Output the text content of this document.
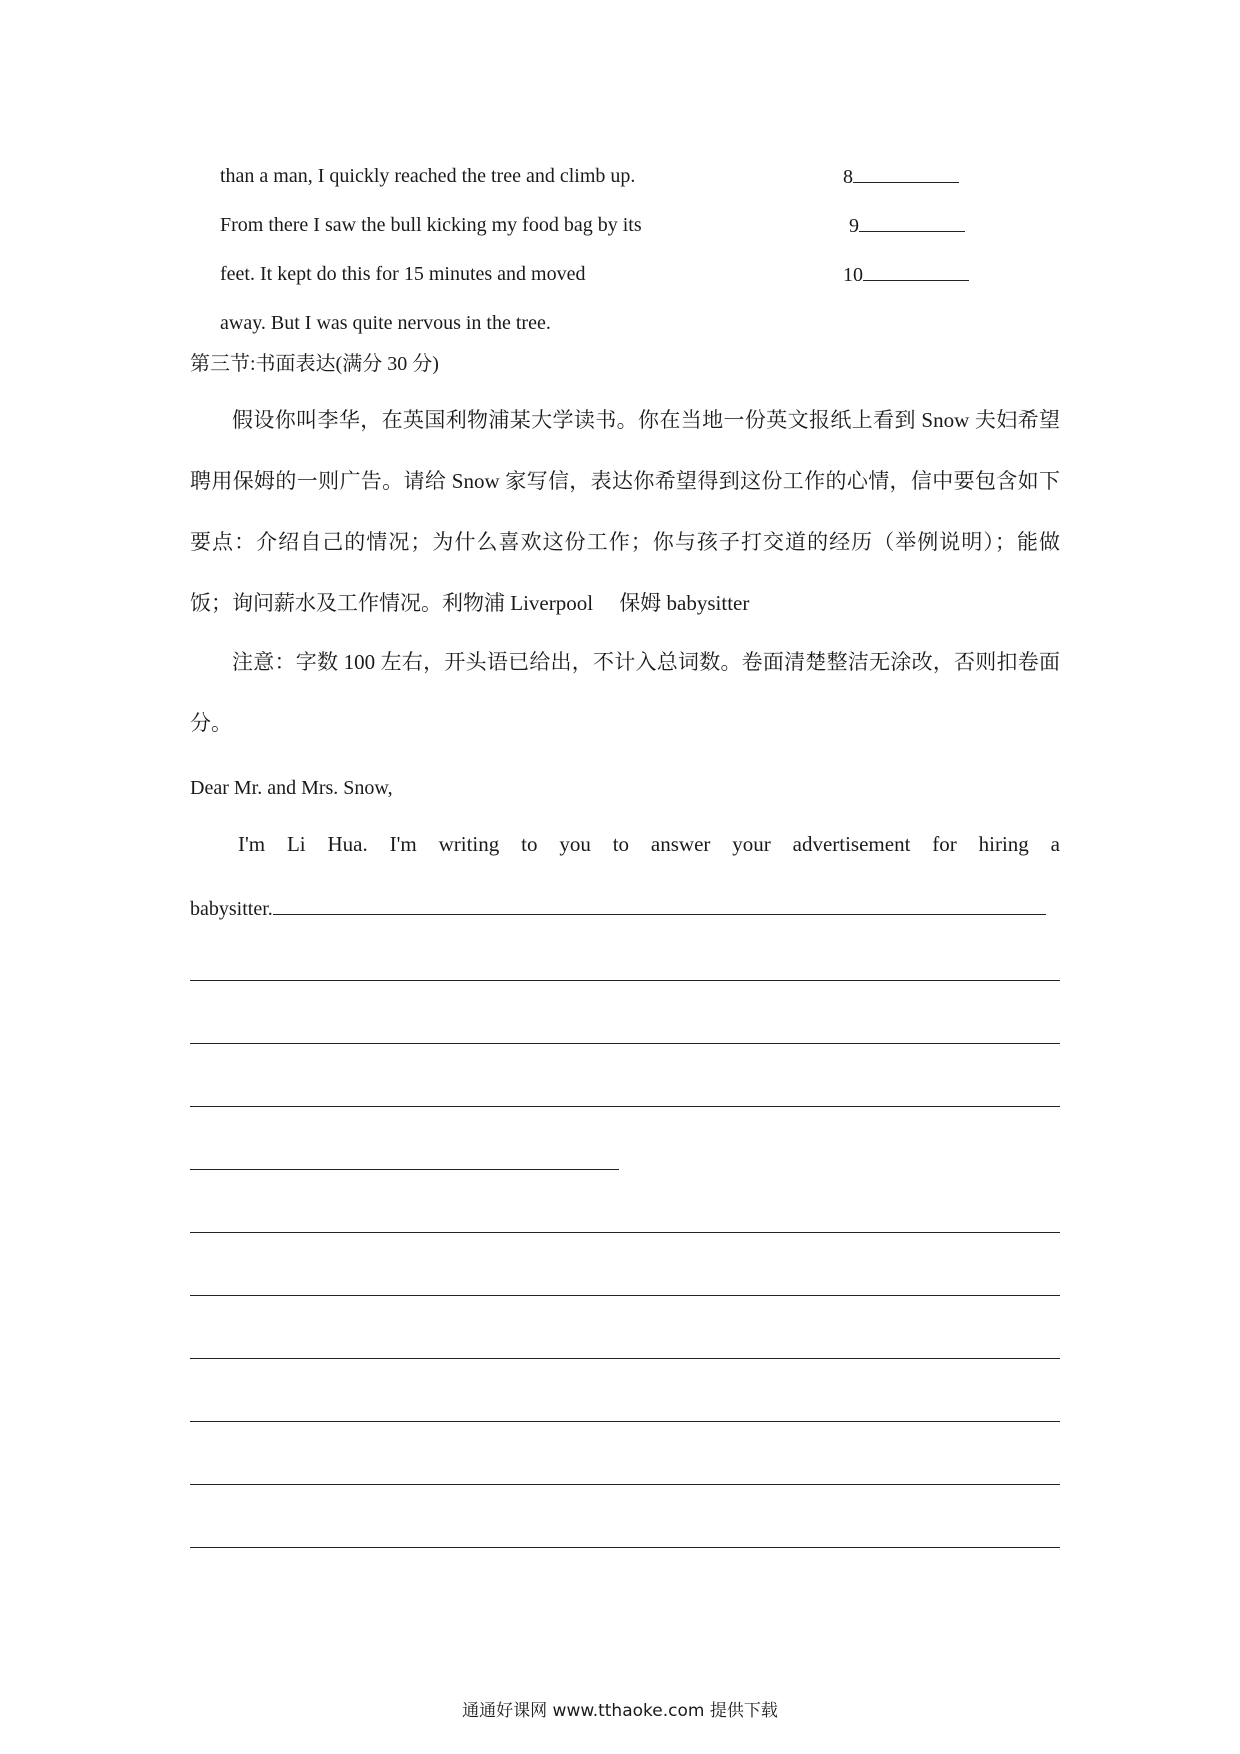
than a man, I quickly reached the tree and climb up.
From there I saw the bull kicking my food bag by its
feet. It kept do this for 15 minutes and moved
away. But I was quite nervous in the tree.
8
9
10
第三节:书面表达(满分 30 分)

假设你叫李华，在英国利物浦某大学读书。你在当地一份英文报纸上看到 Snow 夫妇希望聘用保姆的一则广告。请给 Snow 家写信，表达你希望得到这份工作的心情，信中要包含如下要点：介绍自己的情况；为什么喜欢这份工作；你与孩子打交道的经历（举例说明）；能做饭；询问薪水及工作情况。利物浦 Liverpool　 保姆 babysitter

注意：字数 100 左右，开头语已给出，不计入总词数。卷面清楚整洁无涂改，否则扣卷面分。

Dear Mr. and Mrs. Snow,
I'm Li Hua. I'm writing to you to answer your advertisement for hiring a
babysitter.
通通好课网 www.tthaoke.com 提供下载
